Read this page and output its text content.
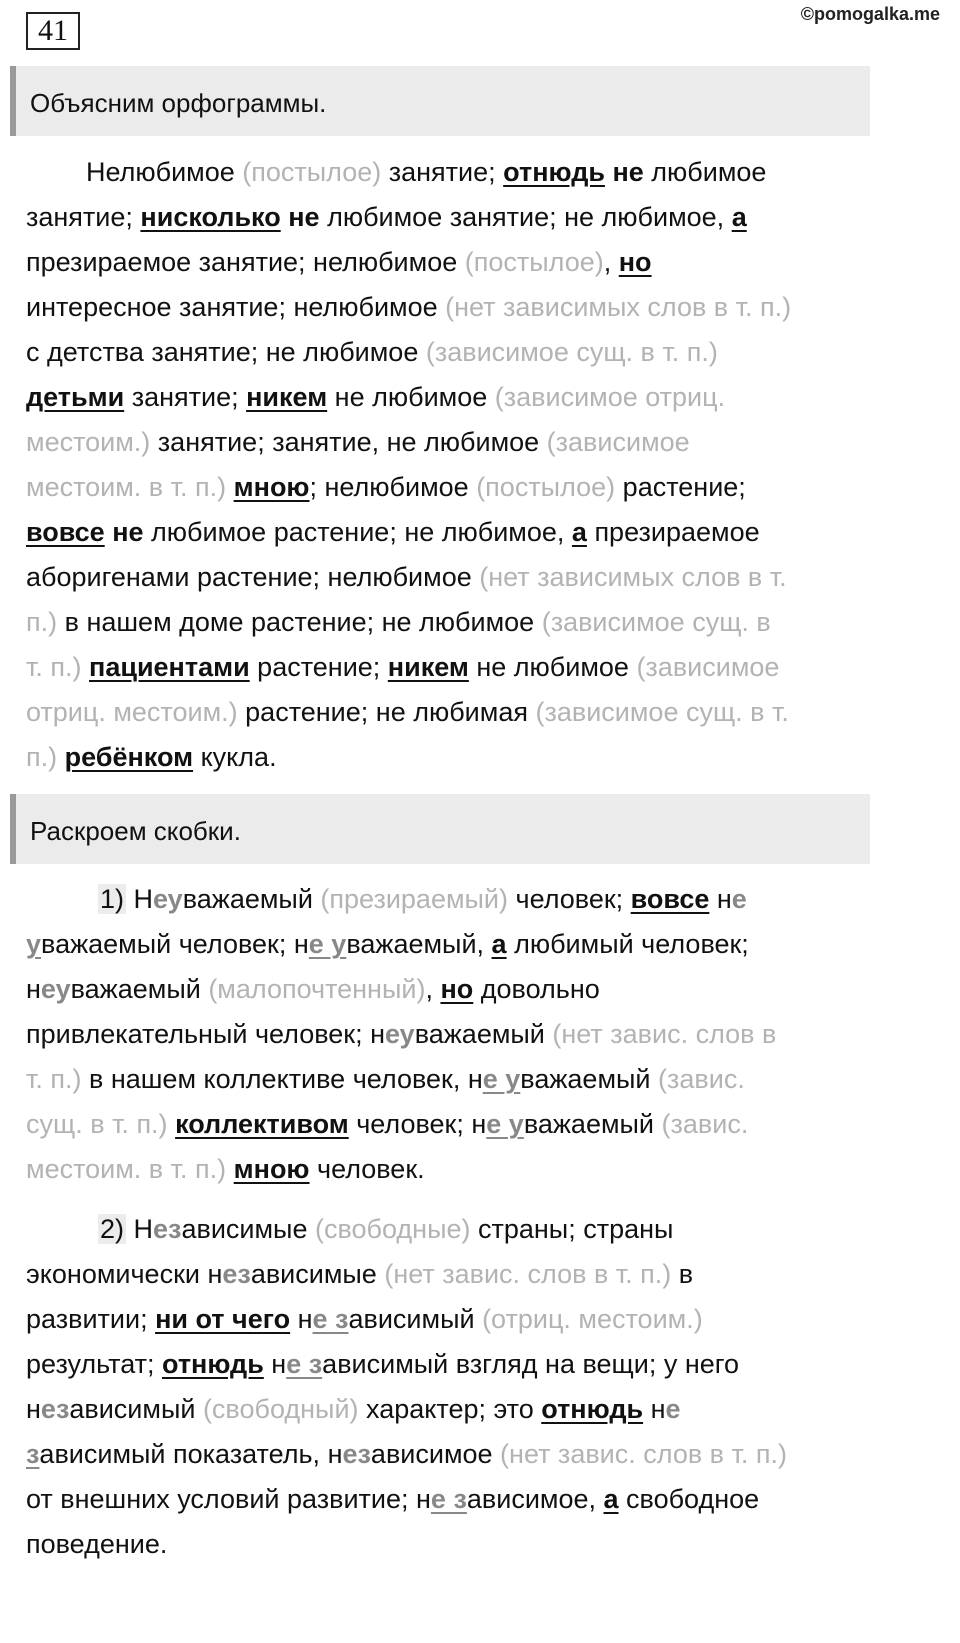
41	©pomogalka.me
Объясним орфограммы.
Нелюбимое (постылое) занятие; отнюдь не любимое
занятие; нисколько не любимое занятие; не любимое, а
презираемое занятие; нелюбимое (постылое), но
интересное занятие; нелюбимое (нет зависимых слов в т. п.)
с детства занятие; не любимое (зависимое сущ. в т. п.)
детьми занятие; никем не любимое (зависимое отриц.
местоим.) занятие; занятие, не любимое (зависимое
местоим. в т. п.) мною; нелюбимое (постылое) растение;
вовсе не любимое растение; не любимое, а презираемое
аборигенами растение; нелюбимое (нет зависимых слов в т.
п.) в нашем доме растение; не любимое (зависимое сущ. в
т. п.) пациентами растение; никем не любимое (зависимое
отриц. местоим.) растение; не любимая (зависимое сущ. в т.
п.) ребёнком кукла.
Раскроем скобки.
1) Неуважаемый (презираемый) человек; вовсе не
уважаемый человек; не уважаемый, а любимый человек;
неуважаемый (малопочтенный), но довольно
привлекательный человек; неуважаемый (нет завис. слов в
т. п.) в нашем коллективе человек, не уважаемый (завис.
сущ. в т. п.) коллективом человек; не уважаемый (завис.
местоим. в т. п.) мною человек.
2) Независимые (свободные) страны; страны
экономически независимые (нет завис. слов в т. п.) в
развитии; ни от чего не зависимый (отриц. местоим.)
результат; отнюдь не зависимый взгляд на вещи; у него
независимый (свободный) характер; это отнюдь не
зависимый показатель, независимое (нет завис. слов в т. п.)
от внешних условий развитие; не зависимое, а свободное
поведение.
